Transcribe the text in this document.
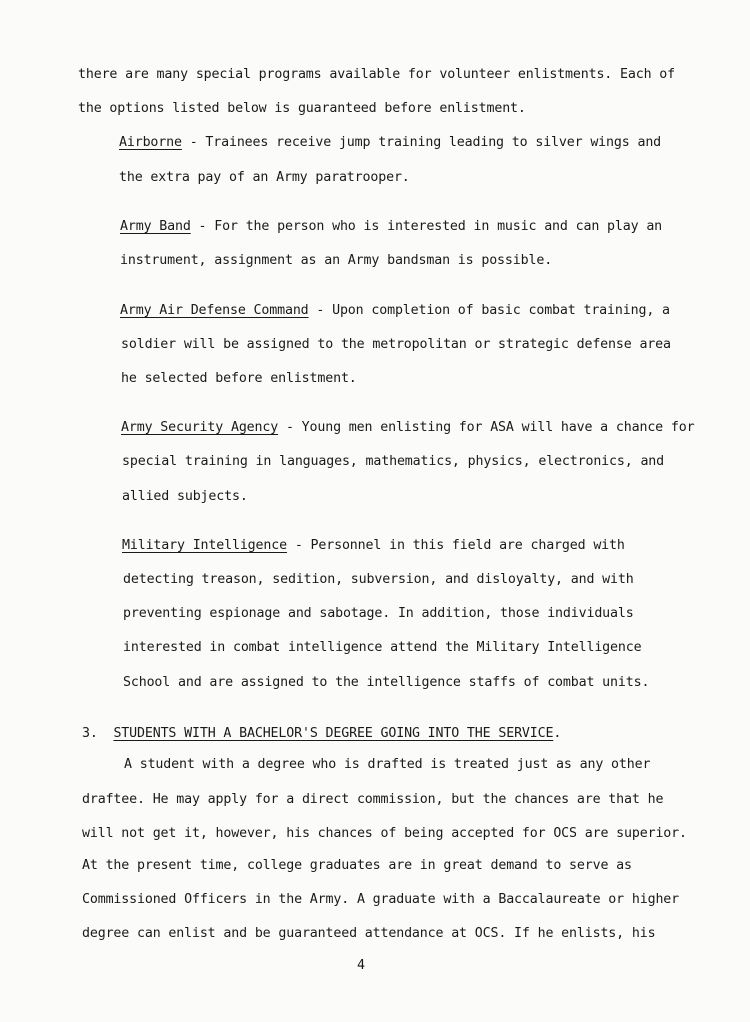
there are many special programs available for volunteer enlistments. Each of
the options listed below is guaranteed before enlistment.
Airborne - Trainees receive jump training leading to silver wings and
the extra pay of an Army paratrooper.
Army Band - For the person who is interested in music and can play an
instrument, assignment as an Army bandsman is possible.
Army Air Defense Command - Upon completion of basic combat training, a
soldier will be assigned to the metropolitan or strategic defense area
he selected before enlistment.
Army Security Agency - Young men enlisting for ASA will have a chance for
special training in languages, mathematics, physics, electronics, and
allied subjects.
Military Intelligence - Personnel in this field are charged with
detecting treason, sedition, subversion, and disloyalty, and with
preventing espionage and sabotage. In addition, those individuals
interested in combat intelligence attend the Military Intelligence
School and are assigned to the intelligence staffs of combat units.
3. STUDENTS WITH A BACHELOR'S DEGREE GOING INTO THE SERVICE.
A student with a degree who is drafted is treated just as any other
draftee. He may apply for a direct commission, but the chances are that he
will not get it, however, his chances of being accepted for OCS are superior.
At the present time, college graduates are in great demand to serve as
Commissioned Officers in the Army. A graduate with a Baccalaureate or higher
degree can enlist and be guaranteed attendance at OCS. If he enlists, his
4
